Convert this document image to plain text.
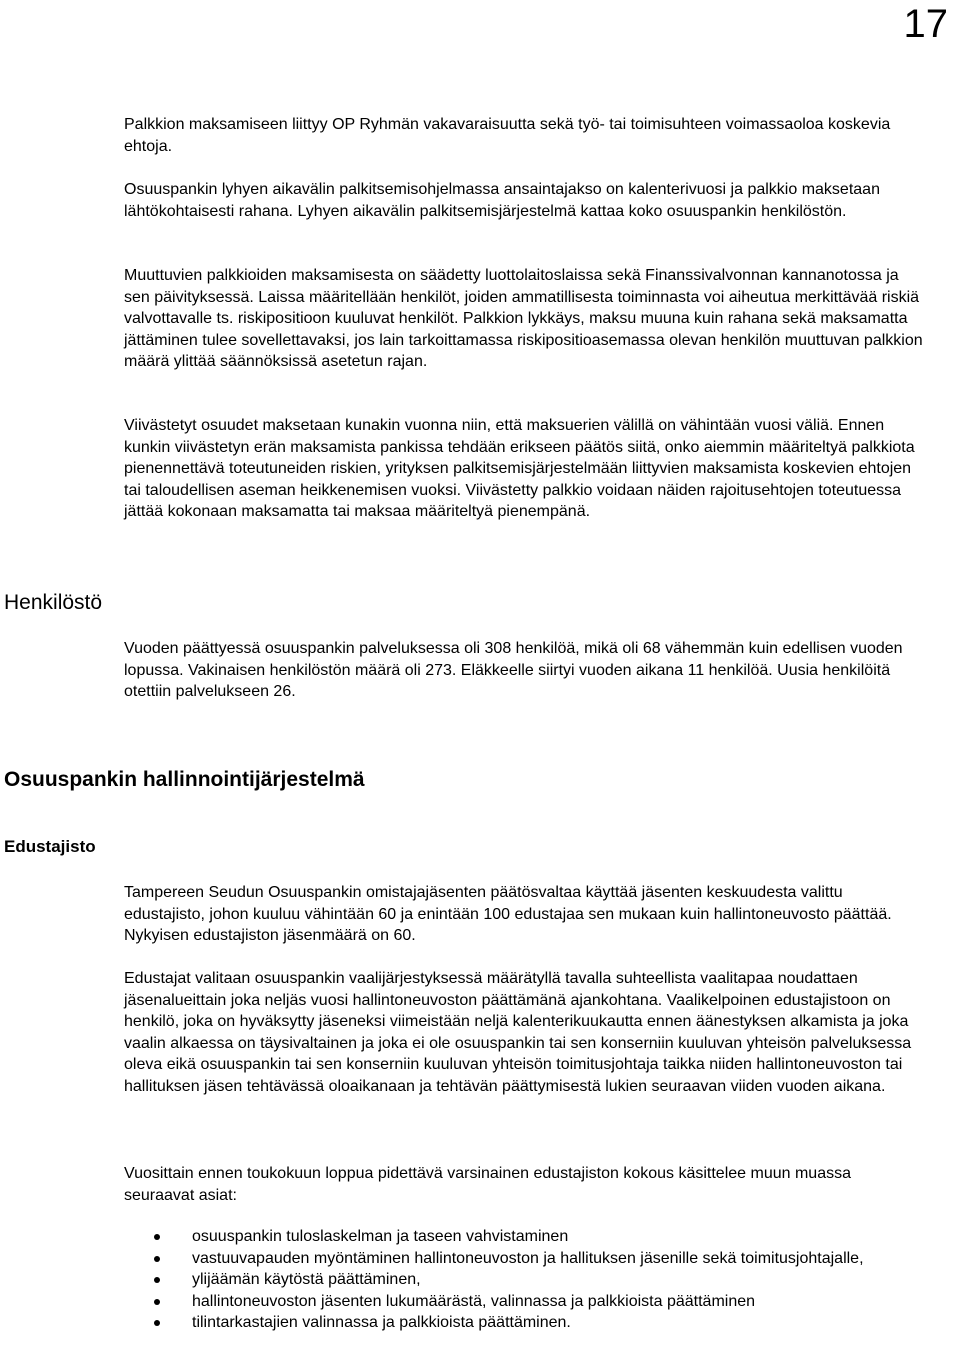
17

Palkkion maksamiseen liittyy OP Ryhmän vakavaraisuutta sekä työ- tai toimisuhteen voimassaoloa koskevia ehtoja.

Osuuspankin lyhyen aikavälin palkitsemisohjelmassa ansaintajakso on kalenterivuosi ja palkkio maksetaan lähtökohtaisesti rahana. Lyhyen aikavälin palkitsemisjärjestelmä kattaa koko osuuspankin henkilöstön.

Muuttuvien palkkioiden maksamisesta on säädetty luottolaitoslaissa sekä Finanssivalvonnan kannanotossa ja sen päivityksessä. Laissa määritellään henkilöt, joiden ammatillisesta toiminnasta voi aiheutua merkittävää riskiä valvottavalle ts. riskipositioon kuuluvat henkilöt. Palkkion lykkäys, maksu muuna kuin rahana sekä maksamatta jättäminen tulee sovellettavaksi, jos lain tarkoittamassa riskipositioasemassa olevan henkilön muuttuvan palkkion määrä ylittää säännöksissä asetetun rajan.

Viivästetyt osuudet maksetaan kunakin vuonna niin, että maksuerien välillä on vähintään vuosi väliä. Ennen kunkin viivästetyn erän maksamista pankissa tehdään erikseen päätös siitä, onko aiemmin määriteltyä palkkiota pienennettävä toteutuneiden riskien, yrityksen palkitsemisjärjestelmään liittyvien maksamista koskevien ehtojen tai taloudellisen aseman heikkenemisen vuoksi. Viivästetty palkkio voidaan näiden rajoitusehtojen toteutuessa jättää kokonaan maksamatta tai maksaa määriteltyä pienempänä.

Henkilöstö

Vuoden päättyessä osuuspankin palveluksessa oli 308 henkilöä, mikä oli 68 vähemmän kuin edellisen vuoden lopussa. Vakinaisen henkilöstön määrä oli 273. Eläkkeelle siirtyi vuoden aikana 11 henkilöä. Uusia henkilöitä otettiin palvelukseen 26.

Osuuspankin hallinnointijärjestelmä
Edustajisto

Tampereen Seudun Osuuspankin omistajajäsenten päätösvaltaa käyttää jäsenten keskuudesta valittu edustajisto, johon kuuluu vähintään 60 ja enintään 100 edustajaa sen mukaan kuin hallintoneuvosto päättää. Nykyisen edustajiston jäsenmäärä on 60.

Edustajat valitaan osuuspankin vaalijärjestyksessä määrätyllä tavalla suhteellista vaalitapaa noudattaen jäsenalueittain joka neljäs vuosi hallintoneuvoston päättämänä ajankohtana. Vaalikelpoinen edustajistoon on henkilö, joka on hyväksytty jäseneksi viimeistään neljä kalenterikuukautta ennen äänestyksen alkamista ja joka vaalin alkaessa on täysivaltainen ja joka ei ole osuuspankin tai sen konserniin kuuluvan yhteisön palveluksessa oleva eikä osuuspankin tai sen konserniin kuuluvan yhteisön toimitusjohtaja taikka niiden hallintoneuvoston tai hallituksen jäsen tehtävässä oloaikanaan ja tehtävän päättymisestä lukien seuraavan viiden vuoden aikana.

Vuosittain ennen toukokuun loppua pidettävä varsinainen edustajiston kokous käsittelee muun muassa seuraavat asiat:

osuuspankin tuloslaskelman ja taseen vahvistaminen
vastuuvapauden myöntäminen hallintoneuvoston ja hallituksen jäsenille sekä toimitusjohtajalle,
ylijäämän käytöstä päättäminen,
hallintoneuvoston jäsenten lukumäärästä, valinnassa ja palkkioista päättäminen
tilintarkastajien valinnassa ja palkkioista päättäminen.
